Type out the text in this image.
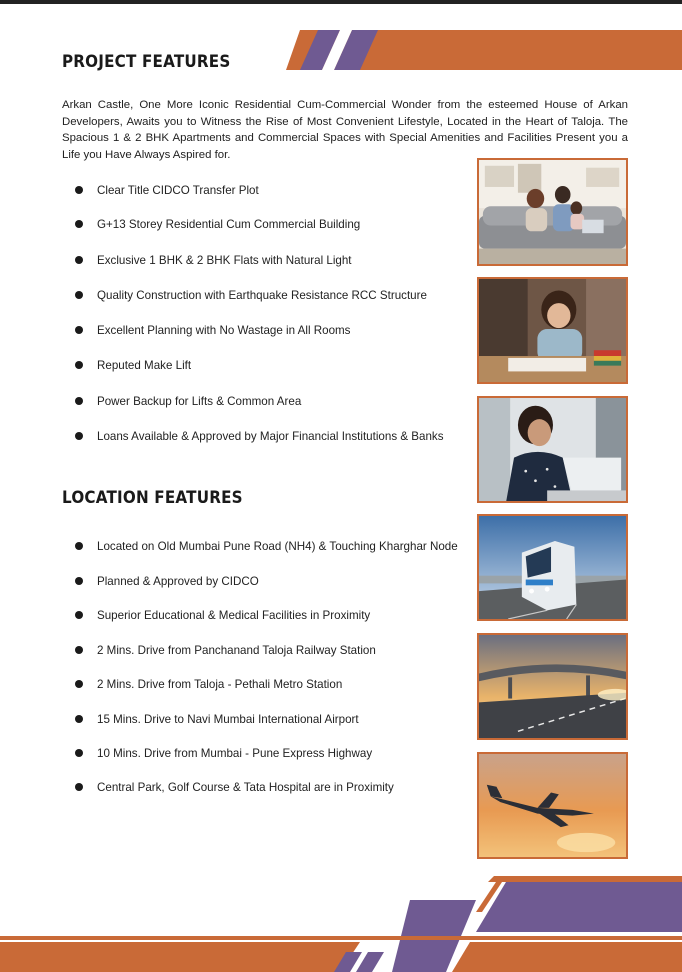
PROJECT FEATURES

Arkan Castle, One More Iconic Residential Cum-Commercial Wonder from the esteemed House of Arkan Developers, Awaits you to Witness the Rise of Most Convenient Lifestyle, Located in the Heart of Taloja. The Spacious 1 & 2 BHK Apartments and Commercial Spaces with Special Amenities and Facilities Present you a Life you Have Always Aspired for.

Clear Title CIDCO Transfer Plot
G+13 Storey Residential Cum Commercial Building
Exclusive 1 BHK & 2 BHK Flats with Natural Light
Quality Construction with Earthquake Resistance RCC Structure
Excellent Planning with No Wastage in All Rooms
Reputed Make Lift
Power Backup for Lifts & Common Area
Loans Available & Approved by Major Financial Institutions & Banks
LOCATION FEATURES
Located on Old Mumbai Pune Road (NH4) & Touching Kharghar Node
Planned & Approved by CIDCO
Superior Educational & Medical Facilities in Proximity
2 Mins. Drive from Panchanand Taloja Railway Station
2 Mins. Drive from Taloja - Pethali Metro Station
15 Mins. Drive to Navi Mumbai International Airport
10 Mins. Drive from Mumbai - Pune Express Highway
Central Park, Golf Course & Tata Hospital are in Proximity
